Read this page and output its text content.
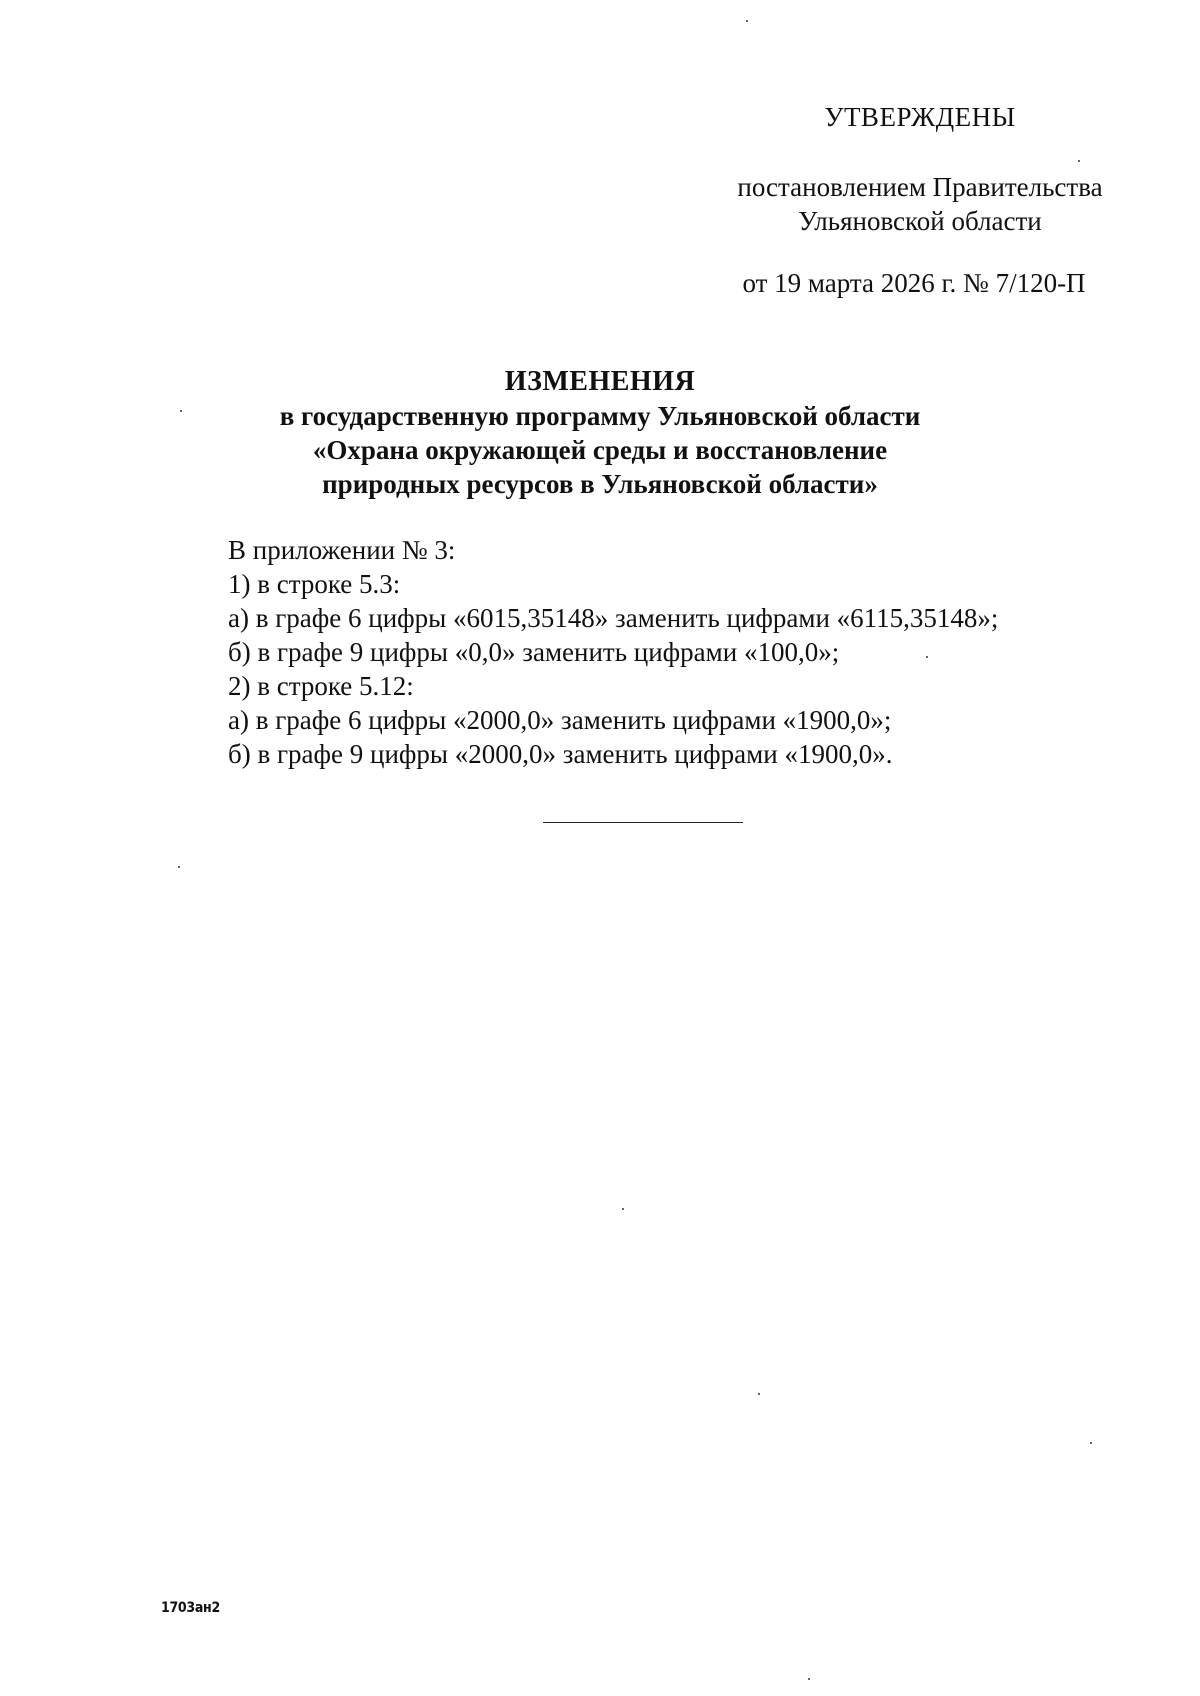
УТВЕРЖДЕНЫ
постановлением Правительства
Ульяновской области
от 19 марта 2026 г. № 7/120-П
ИЗМЕНЕНИЯ
в государственную программу Ульяновской области
«Охрана окружающей среды и восстановление
природных ресурсов в Ульяновской области»
В приложении № 3:
1) в строке 5.3:
а) в графе 6 цифры «6015,35148» заменить цифрами «6115,35148»;
б) в графе 9 цифры «0,0» заменить цифрами «100,0»;
2) в строке 5.12:
а) в графе 6 цифры «2000,0» заменить цифрами «1900,0»;
б) в графе 9 цифры «2000,0» заменить цифрами «1900,0».
1703ан2
